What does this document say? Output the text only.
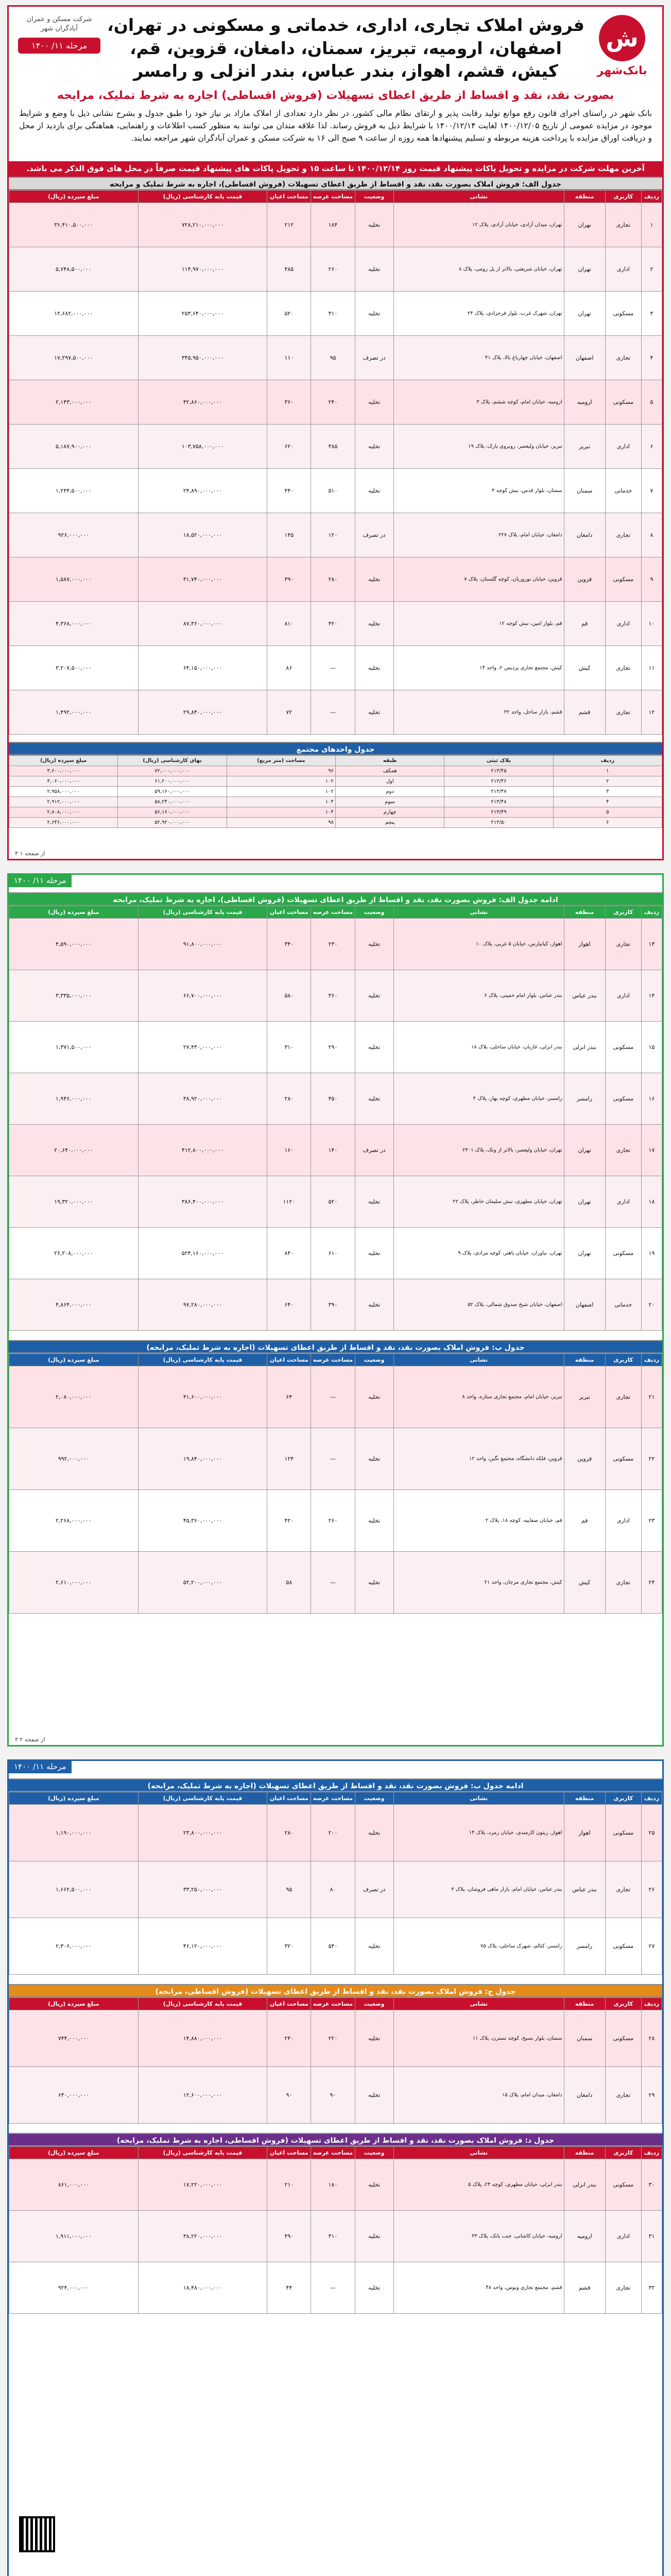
ش
بانک‌شهر
فروش املاک تجاری، اداری، خدماتی و مسکونی در تهران، اصفهان، ارومیه، تبریز، سمنان، دامغان، قزوین، قم، کیش، قشم، اهواز، بندر عباس، بندر انزلی و رامسر
شرکت مسکن و عمران آبادگران شهر
مرحله ۱۱/ ۱۴۰۰
بصورت نقد، نقد و اقساط از طریق اعطای تسهیلات (فروش اقساطی) اجاره به شرط تملیک، مرابحه
بانک شهر در راستای اجرای قانون رفع موانع تولید رقابت پذیر و ارتقای نظام مالی کشور، در نظر دارد تعدادی از املاک مازاد بر نیاز خود را طبق جدول و بشرح نشانی ذیل با وضع و شرایط موجود در مزایده عمومی از تاریخ ۱۴۰۰/۱۲/۰۵ لغایت ۱۴۰۰/۱۲/۱۴ با شرایط ذیل به فروش رساند. لذا علاقه مندان می توانند به منظور کسب اطلاعات و راهنمایی، هماهنگی برای بازدید از محل و دریافت اوراق مزایده با پرداخت هزینه مربوطه و تسلیم پیشنهادها همه روزه از ساعت ۹ صبح الی ۱۶ به شرکت مسکن و عمران آبادگران شهر مراجعه نمایند.
آخرین مهلت شرکت در مزایده و تحویل پاکات پیشنهاد قیمت روز ۱۴۰۰/۱۲/۱۴ تا ساعت ۱۵ و تحویل پاکات های پیشنهاد قیمت صرفاً در محل های فوق الذکر می باشد.
جدول الف: فروش املاک بصورت نقد، نقد و اقساط از طریق اعطای تسهیلات (فروش اقساطی)، اجاره به شرط تملیک و مرابحه
ردیف	کاربری	منطقه	نشانی	وضعیت	مساحت عرصه	مساحت اعیان	قیمت پایه کارشناسی (ریال)	مبلغ سپرده (ریال)
۱	تجاری	تهران	تهران، میدان آزادی، خیابان آزادی، پلاک ۱۲	تخلیه	۱۸۴	۲۱۲	۷۲۸,۲۱۰,۰۰۰,۰۰۰	۳۶,۴۱۰,۵۰۰,۰۰۰
۲	اداری	تهران	تهران، خیابان شریعتی، بالاتر از پل رومی، پلاک ۸	تخلیه	۲۶۰	۴۸۵	۱۱۴,۹۷۰,۰۰۰,۰۰۰	۵,۷۴۸,۵۰۰,۰۰۰
۳	مسکونی	تهران	تهران، شهرک غرب، بلوار فرحزادی، پلاک ۲۴	تخلیه	۳۱۰	۵۲۰	۲۵۳,۶۴۰,۰۰۰,۰۰۰	۱۲,۶۸۲,۰۰۰,۰۰۰
۴	تجاری	اصفهان	اصفهان، خیابان چهارباغ بالا، پلاک ۴۱	در تصرف	۹۵	۱۱۰	۳۴۵,۹۵۰,۰۰۰,۰۰۰	۱۷,۲۹۷,۵۰۰,۰۰۰
۵	مسکونی	ارومیه	ارومیه، خیابان امام، کوچه ششم، پلاک ۳	تخلیه	۲۴۰	۳۶۰	۴۲,۸۶۰,۰۰۰,۰۰۰	۲,۱۴۳,۰۰۰,۰۰۰
۶	اداری	تبریز	تبریز، خیابان ولیعصر، روبروی پارک، پلاک ۱۹	تخلیه	۳۸۵	۶۲۰	۱۰۳,۷۵۸,۰۰۰,۰۰۰	۵,۱۸۷,۹۰۰,۰۰۰
۷	خدماتی	سمنان	سمنان، بلوار قدس، نبش کوچه ۴	تخلیه	۵۱۰	۴۴۰	۲۴,۸۹۰,۰۰۰,۰۰۰	۱,۲۴۴,۵۰۰,۰۰۰
۸	تجاری	دامغان	دامغان، خیابان امام، پلاک ۲۲۷	در تصرف	۱۲۰	۱۴۵	۱۸,۵۲۰,۰۰۰,۰۰۰	۹۲۶,۰۰۰,۰۰۰
۹	مسکونی	قزوین	قزوین، خیابان نوروزیان، کوچه گلستان، پلاک ۷	تخلیه	۲۸۰	۳۹۰	۳۱,۷۴۰,۰۰۰,۰۰۰	۱,۵۸۷,۰۰۰,۰۰۰
۱۰	اداری	قم	قم، بلوار امین، نبش کوچه ۱۲	تخلیه	۴۲۰	۸۱۰	۸۷,۳۶۰,۰۰۰,۰۰۰	۴,۳۶۸,۰۰۰,۰۰۰
۱۱	تجاری	کیش	کیش، مجتمع تجاری پردیس ۲، واحد ۱۴	تخلیه	—	۸۶	۶۴,۱۵۰,۰۰۰,۰۰۰	۳,۲۰۷,۵۰۰,۰۰۰
۱۲	تجاری	قشم	قشم، بازار ساحل، واحد ۳۲	تخلیه	—	۷۲	۲۹,۸۴۰,۰۰۰,۰۰۰	۱,۴۹۲,۰۰۰,۰۰۰
جدول واحدهای مجتمع
ردیف	پلاک ثبتی	طبقه	مساحت (متر مربع)	بهای کارشناسی (ریال)	مبلغ سپرده (ریال)
۱	۲۱۳/۴۵	همکف	۹۶	۷۲,۰۰۰,۰۰۰,۰۰۰	۳,۶۰۰,۰۰۰,۰۰۰
۲	۲۱۳/۴۶	اول	۱۰۲	۶۱,۲۰۰,۰۰۰,۰۰۰	۳,۰۶۰,۰۰۰,۰۰۰
۳	۲۱۳/۴۷	دوم	۱۰۲	۵۹,۱۶۰,۰۰۰,۰۰۰	۲,۹۵۸,۰۰۰,۰۰۰
۴	۲۱۳/۴۸	سوم	۱۰۴	۵۸,۲۴۰,۰۰۰,۰۰۰	۲,۹۱۲,۰۰۰,۰۰۰
۵	۲۱۳/۴۹	چهارم	۱۰۴	۵۶,۱۶۰,۰۰۰,۰۰۰	۲,۸۰۸,۰۰۰,۰۰۰
۶	۲۱۳/۵۰	پنجم	۹۸	۵۲,۹۲۰,۰۰۰,۰۰۰	۲,۶۴۶,۰۰۰,۰۰۰
از صفحه ۱ ۳
مرحله ۱۱/ ۱۴۰۰
ادامه جدول الف: فروش بصورت نقد، نقد و اقساط از طریق اعطای تسهیلات (فروش اقساطی)، اجاره به شرط تملیک، مرابحه
ردیف	کاربری	منطقه	نشانی	وضعیت	مساحت عرصه	مساحت اعیان	قیمت پایه کارشناسی (ریال)	مبلغ سپرده (ریال)
۱۳	تجاری	اهواز	اهواز، کیانپارس، خیابان ۵ غربی، پلاک ۱۰	تخلیه	۲۳۰	۳۴۰	۹۱,۸۰۰,۰۰۰,۰۰۰	۴,۵۹۰,۰۰۰,۰۰۰
۱۴	اداری	بندر عباس	بندر عباس، بلوار امام خمینی، پلاک ۶	تخلیه	۳۶۰	۵۸۰	۶۶,۷۰۰,۰۰۰,۰۰۰	۳,۳۳۵,۰۰۰,۰۰۰
۱۵	مسکونی	بندر انزلی	بندر انزلی، غازیان، خیابان ساحلی، پلاک ۱۸	تخلیه	۲۹۰	۳۱۰	۲۷,۴۳۰,۰۰۰,۰۰۰	۱,۳۷۱,۵۰۰,۰۰۰
۱۶	مسکونی	رامسر	رامسر، خیابان مطهری، کوچه بهار، پلاک ۴	تخلیه	۴۵۰	۲۸۰	۳۸,۹۲۰,۰۰۰,۰۰۰	۱,۹۴۶,۰۰۰,۰۰۰
۱۷	تجاری	تهران	تهران، خیابان ولیعصر، بالاتر از ونک، پلاک ۲۳۰۱	در تصرف	۱۴۰	۱۶۰	۴۱۲,۸۰۰,۰۰۰,۰۰۰	۲۰,۶۴۰,۰۰۰,۰۰۰
۱۸	اداری	تهران	تهران، خیابان مطهری، نبش سلیمان خاطر، پلاک ۲۲	تخلیه	۵۲۰	۱۱۲۰	۳۸۶,۴۰۰,۰۰۰,۰۰۰	۱۹,۳۲۰,۰۰۰,۰۰۰
۱۹	مسکونی	تهران	تهران، نیاوران، خیابان باهنر، کوچه مرادی، پلاک ۹	تخلیه	۶۱۰	۸۴۰	۵۲۴,۱۶۰,۰۰۰,۰۰۰	۲۶,۲۰۸,۰۰۰,۰۰۰
۲۰	خدماتی	اصفهان	اصفهان، خیابان شیخ صدوق شمالی، پلاک ۵۲	تخلیه	۳۹۰	۶۴۰	۹۷,۲۸۰,۰۰۰,۰۰۰	۴,۸۶۴,۰۰۰,۰۰۰
جدول ب: فروش املاک بصورت نقد، نقد و اقساط از طریق اعطای تسهیلات (اجاره به شرط تملیک، مرابحه)
ردیف	کاربری	منطقه	نشانی	وضعیت	مساحت عرصه	مساحت اعیان	قیمت پایه کارشناسی (ریال)	مبلغ سپرده (ریال)
۲۱	تجاری	تبریز	تبریز، خیابان امام، مجتمع تجاری ستاره، واحد ۸	تخلیه	—	۶۴	۴۱,۶۰۰,۰۰۰,۰۰۰	۲,۰۸۰,۰۰۰,۰۰۰
۲۲	مسکونی	قزوین	قزوین، فلکه دانشگاه، مجتمع نگین، واحد ۱۲	تخلیه	—	۱۲۴	۱۹,۸۴۰,۰۰۰,۰۰۰	۹۹۲,۰۰۰,۰۰۰
۲۳	اداری	قم	قم، خیابان صفاییه، کوچه ۱۸، پلاک ۲	تخلیه	۲۶۰	۴۲۰	۴۵,۳۶۰,۰۰۰,۰۰۰	۲,۲۶۸,۰۰۰,۰۰۰
۲۴	تجاری	کیش	کیش، مجتمع تجاری مرجان، واحد ۲۱	تخلیه	—	۵۸	۵۲,۲۰۰,۰۰۰,۰۰۰	۲,۶۱۰,۰۰۰,۰۰۰
از صفحه ۲ ۳
مرحله ۱۱/ ۱۴۰۰
ادامه جدول ب: فروش بصورت نقد، نقد و اقساط از طریق اعطای تسهیلات (اجاره به شرط تملیک، مرابحه)
ردیف	کاربری	منطقه	نشانی	وضعیت	مساحت عرصه	مساحت اعیان	قیمت پایه کارشناسی (ریال)	مبلغ سپرده (ریال)
۲۵	مسکونی	اهواز	اهواز، زیتون کارمندی، خیابان زمرد، پلاک ۱۴	تخلیه	۲۰۰	۲۸۰	۲۳,۸۰۰,۰۰۰,۰۰۰	۱,۱۹۰,۰۰۰,۰۰۰
۲۶	تجاری	بندر عباس	بندر عباس، خیابان امام، بازار ماهی فروشان، پلاک ۳	در تصرف	۸۰	۹۵	۳۳,۲۵۰,۰۰۰,۰۰۰	۱,۶۶۲,۵۰۰,۰۰۰
۲۷	مسکونی	رامسر	رامسر، کتالم، شهرک ساحلی، پلاک ۷۵	تخلیه	۵۴۰	۳۲۰	۴۶,۱۲۰,۰۰۰,۰۰۰	۲,۳۰۶,۰۰۰,۰۰۰
جدول ج: فروش املاک بصورت نقد، نقد و اقساط از طریق اعطای تسهیلات (فروش اقساطی، مرابحه)
ردیف	کاربری	منطقه	نشانی	وضعیت	مساحت عرصه	مساحت اعیان	قیمت پایه کارشناسی (ریال)	مبلغ سپرده (ریال)
۲۸	مسکونی	سمنان	سمنان، بلوار بسیج، کوچه نسترن، پلاک ۱۱	تخلیه	۲۲۰	۲۴۰	۱۴,۸۸۰,۰۰۰,۰۰۰	۷۴۴,۰۰۰,۰۰۰
۲۹	تجاری	دامغان	دامغان، میدان امام، پلاک ۱۵	تخلیه	۹۰	۹۰	۱۲,۶۰۰,۰۰۰,۰۰۰	۶۳۰,۰۰۰,۰۰۰
جدول د: فروش املاک بصورت نقد، نقد و اقساط از طریق اعطای تسهیلات (فروش اقساطی، اجاره به شرط تملیک، مرابحه)
ردیف	کاربری	منطقه	نشانی	وضعیت	مساحت عرصه	مساحت اعیان	قیمت پایه کارشناسی (ریال)	مبلغ سپرده (ریال)
۳۰	مسکونی	بندر انزلی	بندر انزلی، خیابان مطهری، کوچه ۲۴، پلاک ۵	تخلیه	۱۸۰	۲۱۰	۱۷,۲۲۰,۰۰۰,۰۰۰	۸۶۱,۰۰۰,۰۰۰
۳۱	اداری	ارومیه	ارومیه، خیابان کاشانی، جنب بانک، پلاک ۳۳	تخلیه	۳۱۰	۴۹۰	۳۸,۲۲۰,۰۰۰,۰۰۰	۱,۹۱۱,۰۰۰,۰۰۰
۳۲	تجاری	قشم	قشم، مجتمع تجاری ونوس، واحد ۴۸	تخلیه	—	۴۴	۱۸,۴۸۰,۰۰۰,۰۰۰	۹۲۴,۰۰۰,۰۰۰
